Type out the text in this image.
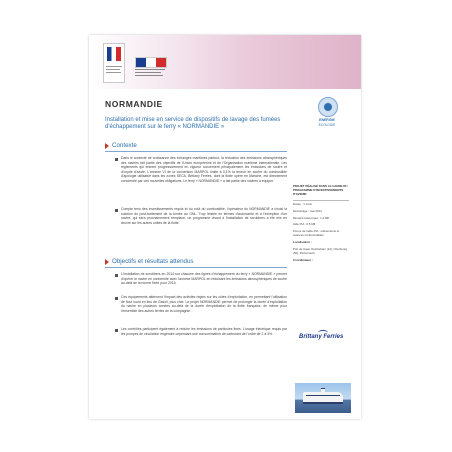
NORMANDIE
Installation et mise en service de dispositifs de lavage des fumées d'échappement sur le ferry « NORMANDIE »
ENERGIE
ÉCOLOGIE
Contexte
Dans le contexte de croissance des échanges maritimes partout, la réduction des émissions atmosphériques des navires fait partie des objectifs de l'Union européenne et de l'Organisation maritime internationale. Les règlements qui entrent progressivement en vigueur concernent principalement les émissions de soufre et d'oxyde d'azote. L'annexe VI de la convention MARPOL limite à 0,1% la teneur en soufre du combustible d'apologie utilisable dans les zones SECA. Brittany Ferries, dont la flotte opère en Manche, est directement concernée par ces nouvelles obligations. Le ferry « NORMANDIE » a fait partie des navires à équiper.
Compte tenu des investissements requis et du coût du combustible, l'opérateur du NORMANDIE a choisi la solution du post-traitement de la fumée au GNL. Trop limitée en termes d'autonomie et à l'exception d'un navire, qui sera prochainement remplacé, un programme visant à l'installation de scrubbers a été mis en œuvre sur les autres unités de la flotte.
Objectifs et résultats attendus
L'installation de scrubbers en 2014 sur chacune des lignes d'échappement du ferry « NORMANDIE » permet d'opérer le navire en conformité avec l'annexe MARPOL en réduisant les émissions atmosphériques de soufre au-delà de la norme fixée pour 2015.
Ces équipements atténuent l'impact des activités régies sur les côtes d'exploitation, en permettant l'utilisation de fioul lourd en lieu de Gasoil, plus cher. Le projet NORMANDIE permet de prolonger la durée d'exploitation du navire en plusieurs années au-delà de la durée d'exploitation de la flotte française, de même pour l'ensemble des autres ferries de la compagnie.
Les contrôles participent également à réduire les émissions de particules fines. L'usage électrique requis par les pompes de circulation engendre cependant une consommation de carburant de l'ordre de 2 à 3%.
PROJET RÉALISÉ DANS LE CADRE DU PROGRAMME D'INVESTISSEMENTS D'AVENIR
Durée : 1 mois
Démarrage : mai 2014
Montant total projet : 1,2 M€
Aide PIA : 0,5 M€
Forme de l'aide PIA : subventions et avances remboursables
Localisation :
Port de Caen-Ouistreham (14), Cherbourg (50), Portsmouth
Coordinateur :
Brittany Ferries
